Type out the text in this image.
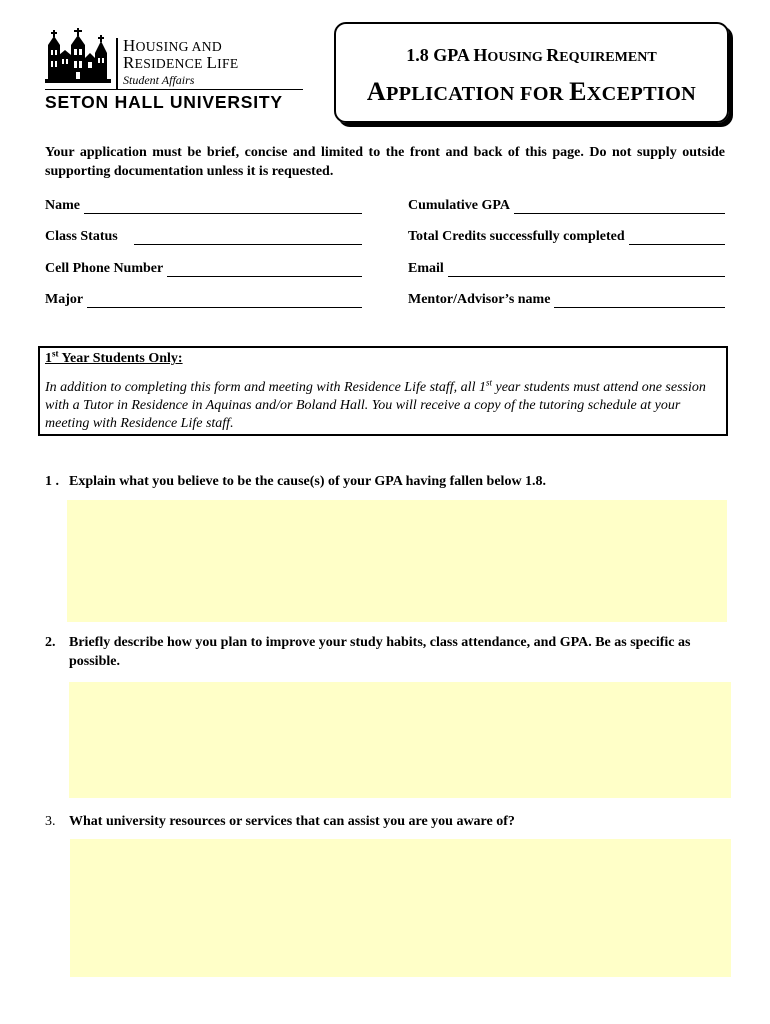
HOUSING AND
RESIDENCE LIFE
Student Affairs
SETON HALL UNIVERSITY
1.8 GPA HOUSING REQUIREMENT
APPLICATION FOR EXCEPTION
Your application must be brief, concise and limited to the front and back of this page. Do not supply outside supporting documentation unless it is requested.
Name	Cumulative GPA
Class Status	Total Credits successfully completed
Cell Phone Number	Email
Major	Mentor/Advisor’s name
1st Year Students Only:
In addition to completing this form and meeting with Residence Life staff, all 1st year students must attend one session with a Tutor in Residence in Aquinas and/or Boland Hall. You will receive a copy of the tutoring schedule at your meeting with Residence Life staff.
1 . Explain what you believe to be the cause(s) of your GPA having fallen below 1.8.
2. Briefly describe how you plan to improve your study habits, class attendance, and GPA. Be as specific as possible.
3. What university resources or services that can assist you are you aware of?
